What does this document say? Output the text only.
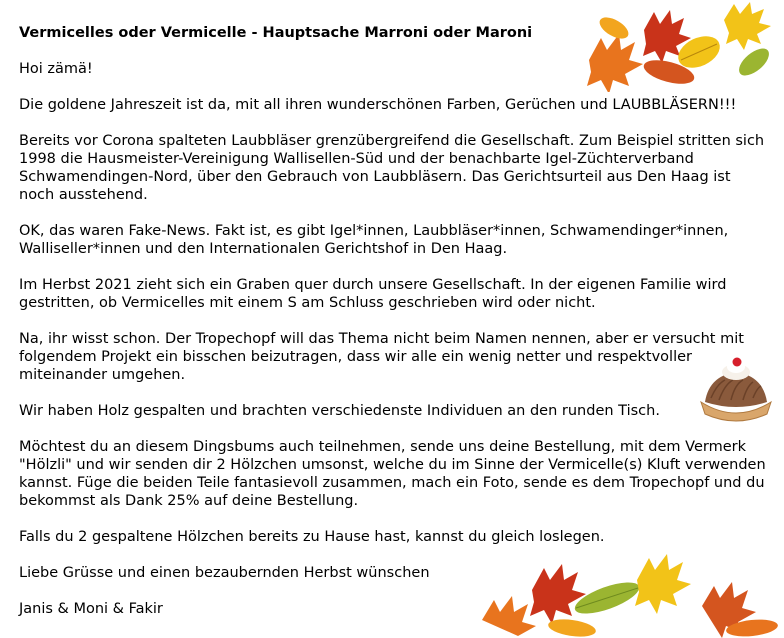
Vermicelles oder Vermicelle - Hauptsache Marroni oder Maroni

Hoi zämä!

Die goldene Jahreszeit ist da, mit all ihren wunderschönen Farben, Gerüchen und LAUBBLÄSERN!!!

Bereits vor Corona spalteten Laubbläser grenzübergreifend die Gesellschaft. Zum Beispiel stritten sich 1998 die Hausmeister-Vereinigung Wallisellen-Süd und der benachbarte Igel-Züchterverband Schwamendingen-Nord, über den Gebrauch von Laubbläsern. Das Gerichtsurteil aus Den Haag ist noch ausstehend.

OK, das waren Fake-News. Fakt ist, es gibt Igel*innen, Laubbläser*innen, Schwamendinger*innen, Walliseller*innen und den Internationalen Gerichtshof in Den Haag.

Im Herbst 2021 zieht sich ein Graben quer durch unsere Gesellschaft. In der eigenen Familie wird gestritten, ob Vermicelles mit einem S am Schluss geschrieben wird oder nicht.

Na, ihr wisst schon. Der Tropechopf will das Thema nicht beim Namen nennen, aber er versucht mit folgendem Projekt ein bisschen beizutragen, dass wir alle ein wenig netter und respektvoller miteinander umgehen.

Wir haben Holz gespalten und brachten verschiedenste Individuen an den runden Tisch.

Möchtest du an diesem Dingsbums auch teilnehmen, sende uns deine Bestellung, mit dem Vermerk "Hölzli" und wir senden dir 2 Hölzchen umsonst, welche du im Sinne der Vermicelle(s) Kluft verwenden kannst. Füge die beiden Teile fantasievoll zusammen, mach ein Foto, sende es dem Tropechopf und du bekommst als Dank 25% auf deine Bestellung.

Falls du 2 gespaltene Hölzchen bereits zu Hause hast, kannst du gleich loslegen.

Liebe Grüsse und einen bezaubernden Herbst wünschen

Janis & Moni & Fakir
